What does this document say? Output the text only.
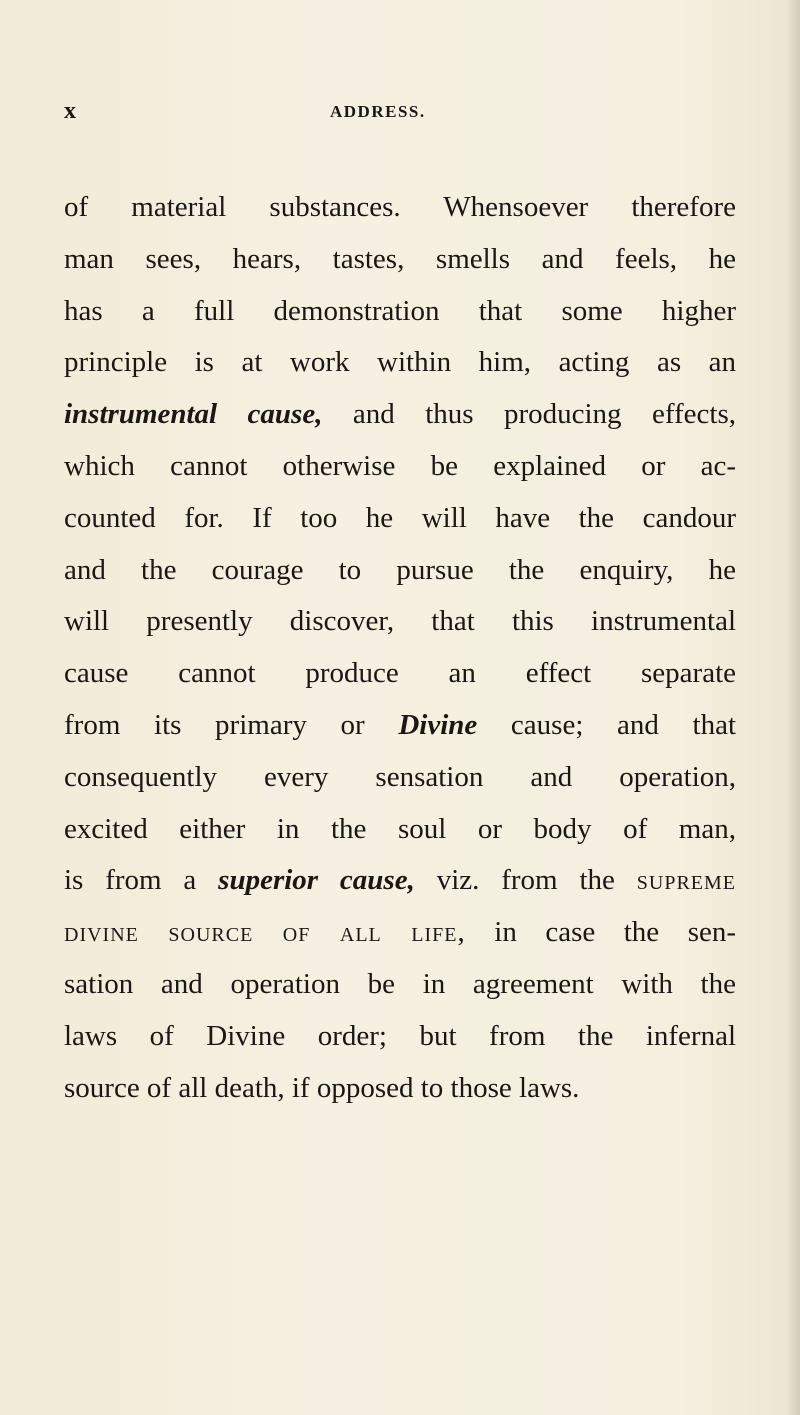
x	ADDRESS.
of material substances. Whensoever therefore
man sees, hears, tastes, smells and feels, he
has a full demonstration that some higher
principle is at work within him, acting as an
instrumental cause, and thus producing effects,
which cannot otherwise be explained or ac-
counted for. If too he will have the candour
and the courage to pursue the enquiry, he
will presently discover, that this instrumental
cause cannot produce an effect separate
from its primary or Divine cause; and that
consequently every sensation and operation,
excited either in the soul or body of man,
is from a superior cause, viz. from the supreme
divine source of all life, in case the sen-
sation and operation be in agreement with the
laws of Divine order; but from the infernal
source of all death, if opposed to those laws.
